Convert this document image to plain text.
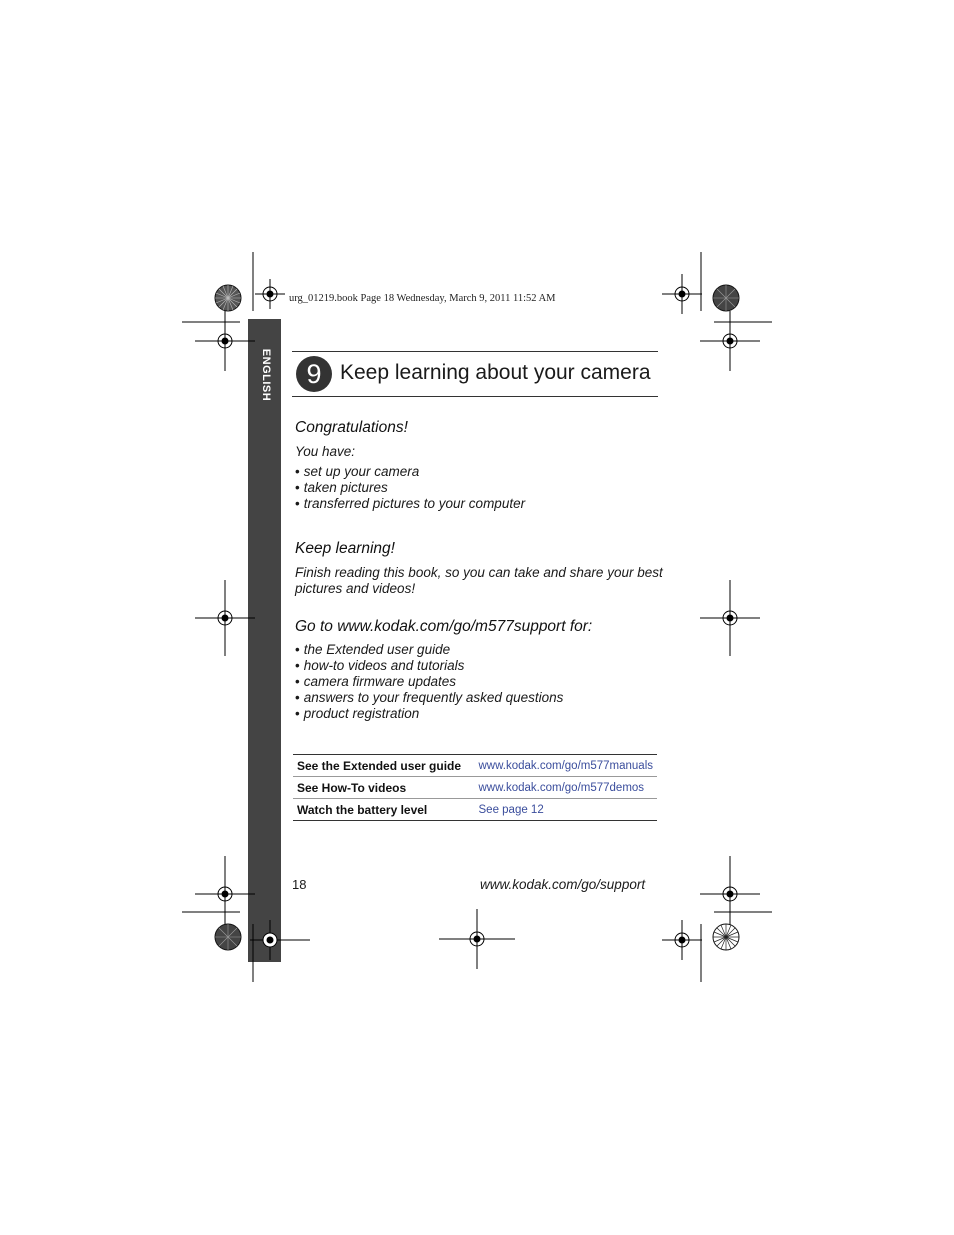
urg_01219.book Page 18 Wednesday, March 9, 2011 11:52 AM
ENGLISH	9 Keep learning about your camera
Congratulations!
You have:
• set up your camera
• taken pictures
• transferred pictures to your computer
Keep learning!
Finish reading this book, so you can take and share your best
pictures and videos!
Go to www.kodak.com/go/m577support for:
• the Extended user guide
• how-to videos and tutorials
• camera firmware updates
• answers to your frequently asked questions
• product registration
See the Extended user guide	www.kodak.com/go/m577manuals
See How-To videos	www.kodak.com/go/m577demos
Watch the battery level	See page 12
18	www.kodak.com/go/support
